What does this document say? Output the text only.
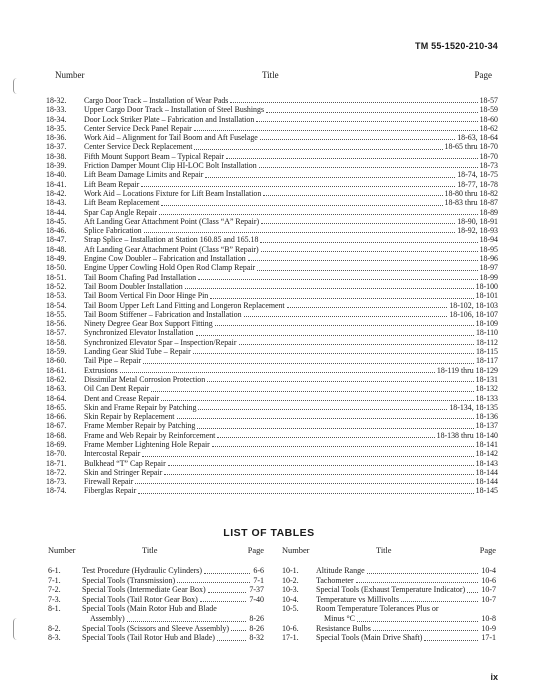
TM 55-1520-210-34
Number	Title	Page
18-32.	Cargo Door Track – Installation of Wear Pads	18-57
18-33.	Upper Cargo Door Track – Installation of Steel Bushings	18-59
18-34.	Door Lock Striker Plate – Fabrication and Installation	18-60
18-35.	Center Service Deck Panel Repair	18-62
18-36.	Work Aid – Alignment for Tail Boom and Aft Fuselage	18-63, 18-64
18-37.	Center Service Deck Replacement	18-65 thru 18-70
18-38.	Fifth Mount Support Beam – Typical Repair	18-70
18-39.	Friction Damper Mount Clip HI-LOC Bolt Installation	18-73
18-40.	Lift Beam Damage Limits and Repair	18-74, 18-75
18-41.	Lift Beam Repair	18-77, 18-78
18-42.	Work Aid – Locations Fixture for Lift Beam Installation	18-80 thru 18-82
18-43.	Lift Beam Replacement	18-83 thru 18-87
18-44.	Spar Cap Angle Repair	18-89
18-45.	Aft Landing Gear Attachment Point (Class “A” Repair)	18-90, 18-91
18-46.	Splice Fabrication	18-92, 18-93
18-47.	Strap Splice – Installation at Station 160.85 and 165.18	18-94
18-48.	Aft Landing Gear Attachment Point (Class “B” Repair)	18-95
18-49.	Engine Cow Doubler – Fabrication and Installation	18-96
18-50.	Engine Upper Cowling Hold Open Rod Clamp Repair	18-97
18-51.	Tail Boom Chafing Pad Installation	18-99
18-52.	Tail Boom Doubler Installation	18-100
18-53.	Tail Boom Vertical Fin Door Hinge Pin	18-101
18-54.	Tail Boom Upper Left Land Fitting and Longeron Replacement	18-102, 18-103
18-55.	Tail Boom Stiffener – Fabrication and Installation	18-106, 18-107
18-56.	Ninety Degree Gear Box Support Fitting	18-109
18-57.	Synchronized Elevator Installation	18-110
18-58.	Synchronized Elevator Spar – Inspection/Repair	18-112
18-59.	Landing Gear Skid Tube – Repair	18-115
18-60.	Tail Pipe – Repair	18-117
18-61.	Extrusions	18-119 thru 18-129
18-62.	Dissimilar Metal Corrosion Protection	18-131
18-63.	Oil Can Dent Repair	18-132
18-64.	Dent and Crease Repair	18-133
18-65.	Skin and Frame Repair by Patching	18-134, 18-135
18-66.	Skin Repair by Replacement	18-136
18-67.	Frame Member Repair by Patching	18-137
18-68.	Frame and Web Repair by Reinforcement	18-138 thru 18-140
18-69.	Frame Member Lightening Hole Repair	18-141
18-70.	Intercostal Repair	18-142
18-71.	Bulkhead “T” Cap Repair	18-143
18-72.	Skin and Stringer Repair	18-144
18-73.	Firewall Repair	18-144
18-74.	Fiberglas Repair	18-145
LIST OF TABLES
Number	Title	Page
6-1.	Test Procedure (Hydraulic Cylinders)	6-6
7-1.	Special Tools (Transmission)	7-1
7-2.	Special Tools (Intermediate Gear Box)	7-37
7-3.	Special Tools (Tail Rotor Gear Box)	7-40
8-1.	Special Tools (Main Rotor Hub and Blade
Assembly)	8-26
8-2.	Special Tools (Scissors and Sleeve Assembly)	8-26
8-3.	Special Tools (Tail Rotor Hub and Blade)	8-32
Number	Title	Page
10-1.	Altitude Range	10-4
10-2.	Tachometer	10-6
10-3.	Special Tools (Exhaust Temperature Indicator) 10-7
10-4.	Temperature vs Millivolts	10-7
10-5.	Room Temperature Tolerances Plus or
Minus °C	10-8
10-6.	Resistance Bulbs	10-9
17-1.	Special Tools (Main Drive Shaft)	17-1
ix
